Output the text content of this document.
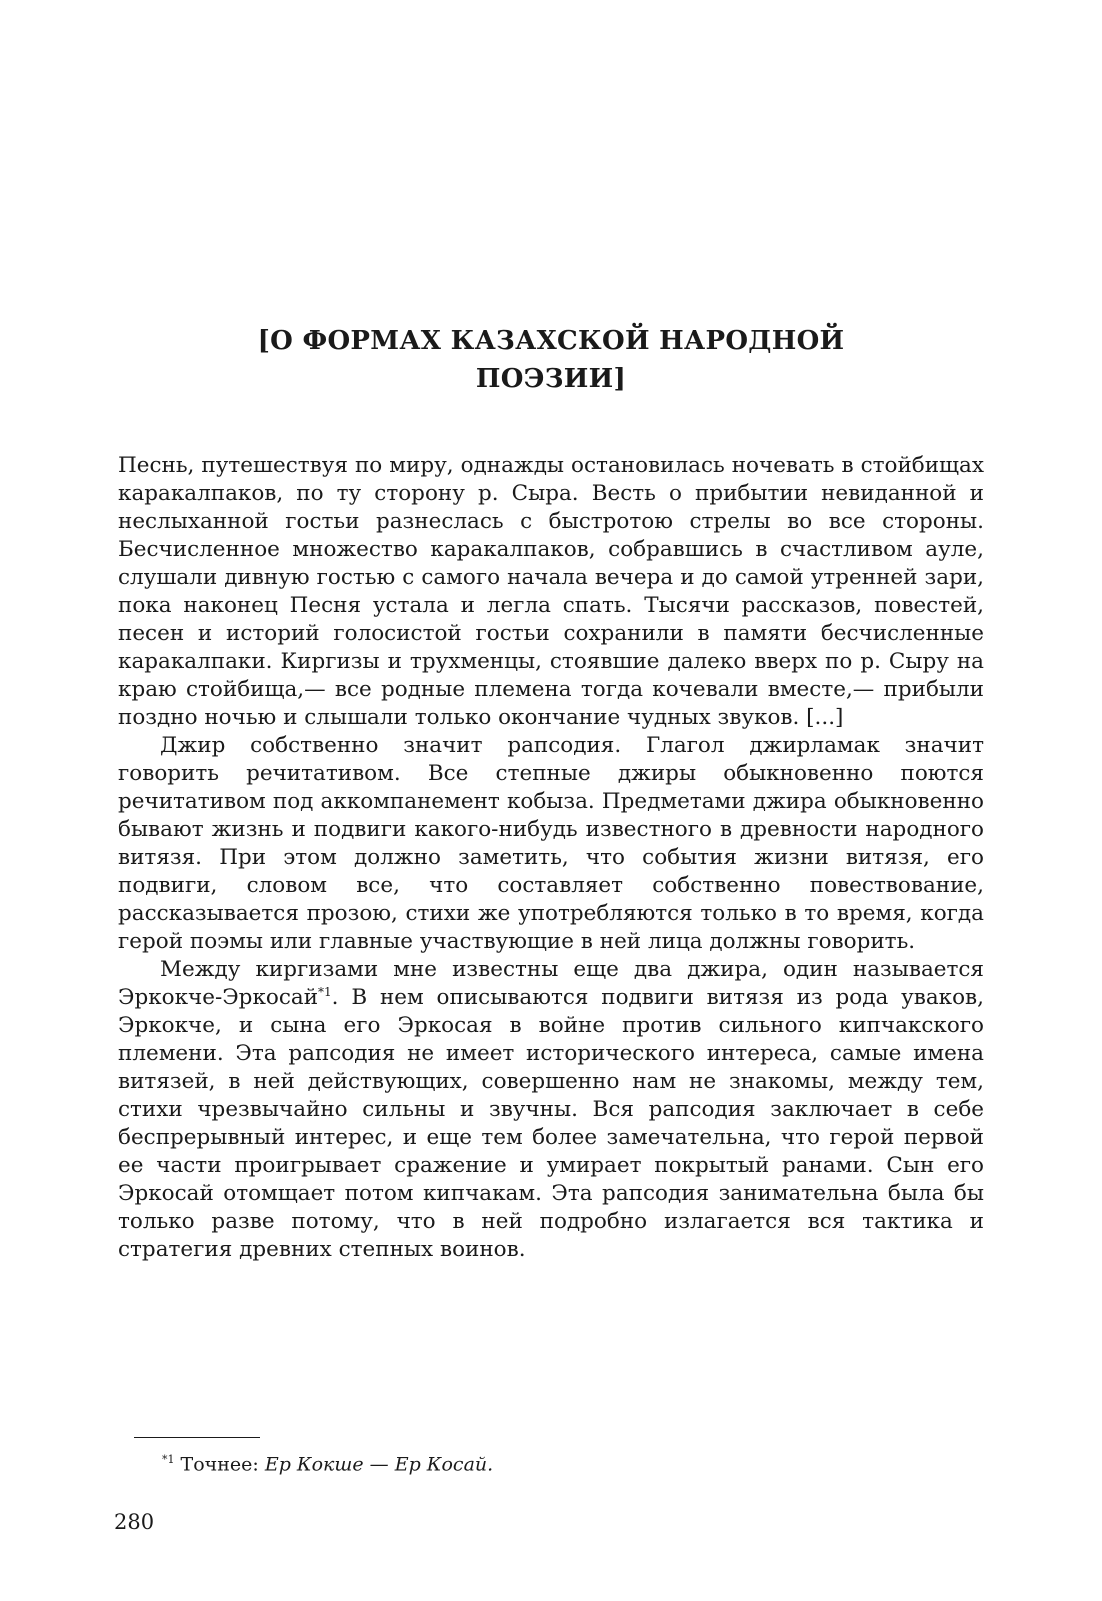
[О ФОРМАХ КАЗАХСКОЙ НАРОДНОЙ
ПОЭЗИИ]

Песнь, путешествуя по миру, однажды остановилась ночевать в стойбищах каракалпаков, по ту сторону р. Сыра. Весть о прибытии невиданной и неслыханной гостьи разнеслась с быстротою стрелы во все стороны. Бесчисленное множество каракалпаков, собравшись в счастливом ауле, слушали дивную гостью с самого начала вечера и до самой утренней зари, пока наконец Песня устала и легла спать. Тысячи рассказов, повестей, песен и историй голосистой гостьи сохранили в памяти бесчисленные каракалпаки. Киргизы и трухменцы, стоявшие далеко вверх по р. Сыру на краю стойбища,— все родные племена тогда кочевали вместе,— прибыли поздно ночью и слышали только окончание чудных звуков. [...]

Джир собственно значит рапсодия. Глагол джирламак значит говорить речитативом. Все степные джиры обыкновенно поются речитативом под аккомпанемент кобыза. Предметами джира обыкновенно бывают жизнь и подвиги какого-нибудь известного в древности народного витязя. При этом должно заметить, что события жизни витязя, его подвиги, словом все, что составляет собственно повествование, рассказывается прозою, стихи же употребляются только в то время, когда герой поэмы или главные участвующие в ней лица должны говорить.

Между киргизами мне известны еще два джира, один называется Эркокче-Эркосай$^{*1}$. В нем описываются подвиги витязя из рода уваков, Эркокче, и сына его Эркосая в войне против сильного кипчакского племени. Эта рапсодия не имеет исторического интереса, самые имена витязей, в ней действующих, совершенно нам не знакомы, между тем, стихи чрезвычайно сильны и звучны. Вся рапсодия заключает в себе беспрерывный интерес, и еще тем более замечательна, что герой первой ее части проигрывает сражение и умирает покрытый ранами. Сын его Эркосай отомщает потом кипчакам. Эта рапсодия занимательна была бы только разве потому, что в ней подробно излагается вся тактика и стратегия древних степных воинов.

$^{*1}$ Точнее: Ер Кокше — Ер Косай.

280
